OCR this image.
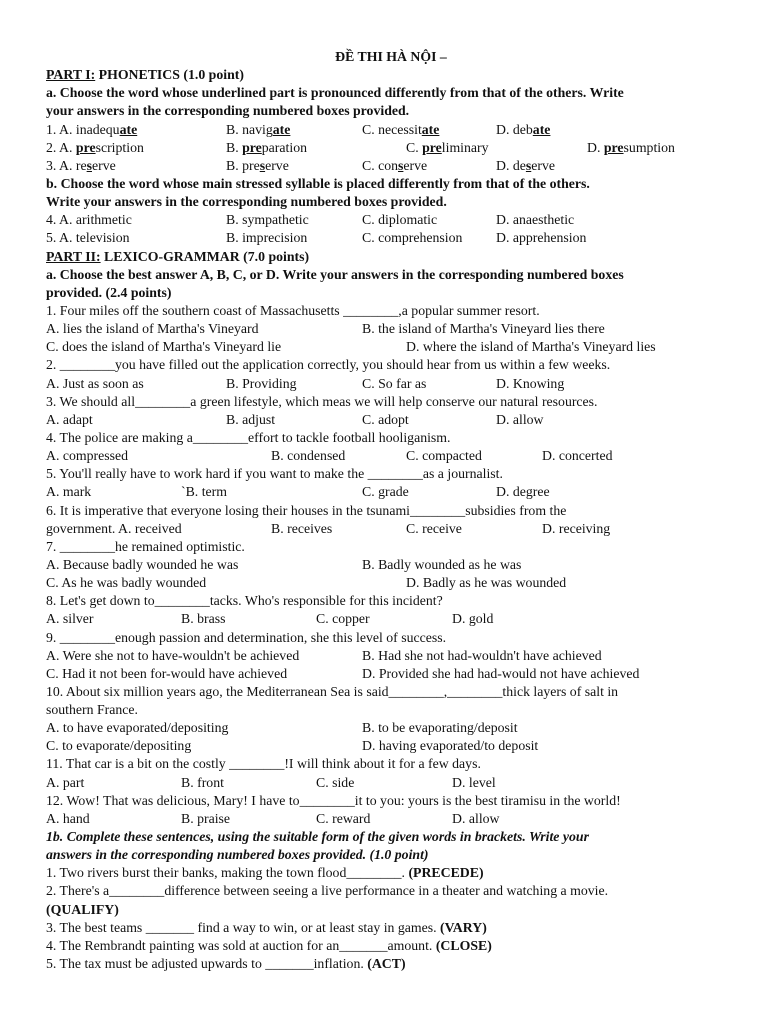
ĐỀ THI HÀ NỘI –
PART I: PHONETICS (1.0 point)
a. Choose the word whose underlined part is pronounced differently from that of the others. Write
your answers in the corresponding numbered boxes provided.
1. A. inadequate	B. navigate	C. necessitate	D. debate
2. A. prescription	B. preparation	C. preliminary	D. presumption
3. A. reserve	B. preserve	C. conserve	D. deserve
b. Choose the word whose main stressed syllable is placed differently from that of the others.
Write your answers in the corresponding numbered boxes provided.
4. A. arithmetic	B. sympathetic	C. diplomatic	D. anaesthetic
5. A. television	B. imprecision	C. comprehension D. apprehension
PART II: LEXICO-GRAMMAR (7.0 points)
a. Choose the best answer A, B, C, or D. Write your answers in the corresponding numbered boxes
provided. (2.4 points)
1. Four miles off the southern coast of Massachusetts ________,a popular summer resort.
A. lies the island of Martha's Vineyard	B. the island of Martha's Vineyard lies there
C. does the island of Martha's Vineyard lie	D. where the island of Martha's Vineyard lies
2. ________you have filled out the application correctly, you should hear from us within a few weeks.
A. Just as soon as	B. Providing	C. So far as	D. Knowing
3. We should all________a green lifestyle, which meas we will help conserve our natural resources.
A. adapt	B. adjust	C. adopt	D. allow
4. The police are making a________effort to tackle football hooliganism.
A. compressed	B. condensed	C. compacted	D. concerted
5. You'll really have to work hard if you want to make the ________as a journalist.
A. mark	`B. term	C. grade	D. degree
6. It is imperative that everyone losing their houses in the tsunami________subsidies from the
government. A. received	B. receives	C. receive	D. receiving
7. ________he remained optimistic.
A. Because badly wounded he was	B. Badly wounded as he was
C. As he was badly wounded	D. Badly as he was wounded
8. Let's get down to________tacks. Who's responsible for this incident?
A. silver	B. brass	C. copper	D. gold
9. ________enough passion and determination, she this level of success.
A. Were she not to have-wouldn't be achieved	B. Had she not had-wouldn't have achieved
C. Had it not been for-would have achieved	D. Provided she had had-would not have achieved
10. About six million years ago, the Mediterranean Sea is said________,________thick layers of salt in
southern France.
A. to have evaporated/depositing	B. to be evaporating/deposit
C. to evaporate/depositing	D. having evaporated/to deposit
11. That car is a bit on the costly ________!I will think about it for a few days.
A. part	B. front	C. side	D. level
12. Wow! That was delicious, Mary! I have to________it to you: yours is the best tiramisu in the world!
A. hand	B. praise	C. reward	D. allow
1b. Complete these sentences, using the suitable form of the given words in brackets. Write your
answers in the corresponding numbered boxes provided. (1.0 point)
1. Two rivers burst their banks, making the town flood________. (PRECEDE)
2. There's a________difference between seeing a live performance in a theater and watching a movie.
(QUALIFY)
3. The best teams _______ find a way to win, or at least stay in games. (VARY)
4. The Rembrandt painting was sold at auction for an_______amount. (CLOSE)
5. The tax must be adjusted upwards to _______inflation. (ACT)
